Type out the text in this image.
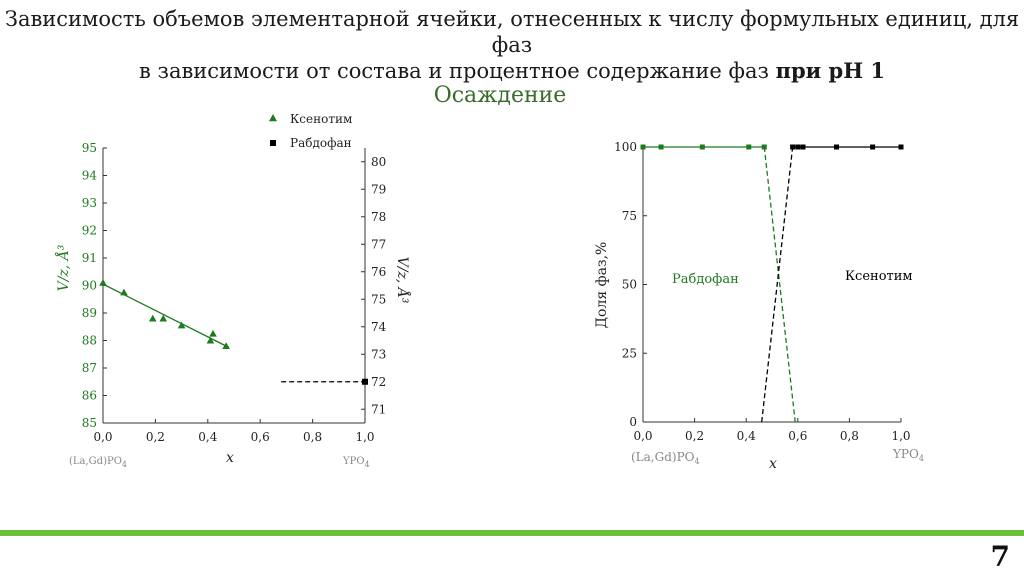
Зависимость объемов элементарной ячейки, отнесенных к числу формульных единиц, для фаз
в зависимости от состава и процентное содержание фаз при pH 1
Осаждение
85
86
87
88
89
90
91
92
93
94
95
71
72
73
74
75
76
77
78
79
80
0,0	0,2	0,4	0,6	0,8	1,0
$(La,Gd)PO_4$	$YPO_4$
x
V/z, Å³	V/z, Å³
Ксенотим
Рабдофан
0
25
50
75
100
0,0	0,2	0,4	0,6	0,8	1,0
$(La,Gd)PO_4$
$YPO_4$
x
Доля фаз,%	Рабдофан	Ксенотим
7
